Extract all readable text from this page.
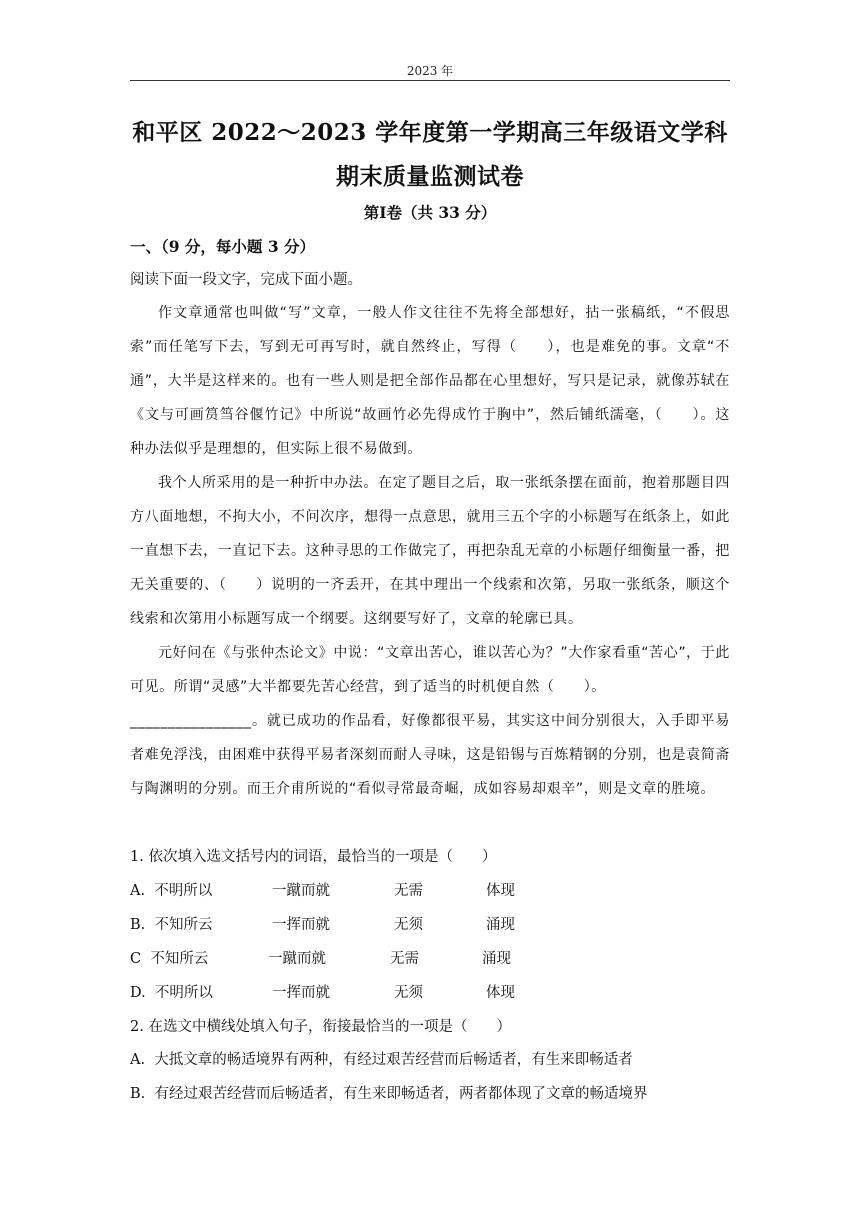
2023 年
和平区 2022～2023 学年度第一学期高三年级语文学科
期末质量监测试卷
第Ⅰ卷（共 33 分）
一、（9 分，每小题 3 分）
阅读下面一段文字，完成下面小题。

作文章通常也叫做“写”文章，一般人作文往往不先将全部想好，拈一张稿纸，“不假思索”而任笔写下去，写到无可再写时，就自然终止，写得（　　），也是难免的事。文章“不通”，大半是这样来的。也有一些人则是把全部作品都在心里想好，写只是记录，就像苏轼在《文与可画筼筜谷偃竹记》中所说“故画竹必先得成竹于胸中”，然后铺纸濡毫，（　　）。这种办法似乎是理想的，但实际上很不易做到。

我个人所采用的是一种折中办法。在定了题目之后，取一张纸条摆在面前，抱着那题目四方八面地想，不拘大小，不问次序，想得一点意思，就用三五个字的小标题写在纸条上，如此一直想下去，一直记下去。这种寻思的工作做完了，再把杂乱无章的小标题仔细衡量一番，把无关重要的、（　　）说明的一齐丢开，在其中理出一个线索和次第，另取一张纸条，顺这个线索和次第用小标题写成一个纲要。这纲要写好了，文章的轮廓已具。

元好问在《与张仲杰论文》中说：“文章出苦心，谁以苦心为？”大作家看重“苦心”，于此可见。所谓“灵感”大半都要先苦心经营，到了适当的时机便自然（　　）。

________________。就已成功的作品看，好像都很平易，其实这中间分别很大，入手即平易者难免浮浅，由困难中获得平易者深刻而耐人寻味，这是铅锡与百炼精钢的分别，也是袁简斋与陶渊明的分别。而王介甫所说的“看似寻常最奇崛，成如容易却艰辛”，则是文章的胜境。

1. 依次填入选文括号内的词语，最恰当的一项是（　　）
A.  不明所以	一蹴而就	无需	体现
B.  不知所云	一挥而就	无须	涌现
C  不知所云	一蹴而就	无需	涌现
D.  不明所以	一挥而就	无须	体现
2. 在选文中横线处填入句子，衔接最恰当的一项是（　　）
A.  大抵文章的畅适境界有两种，有经过艰苦经营而后畅适者，有生来即畅适者
B.  有经过艰苦经营而后畅适者，有生来即畅适者，两者都体现了文章的畅适境界
